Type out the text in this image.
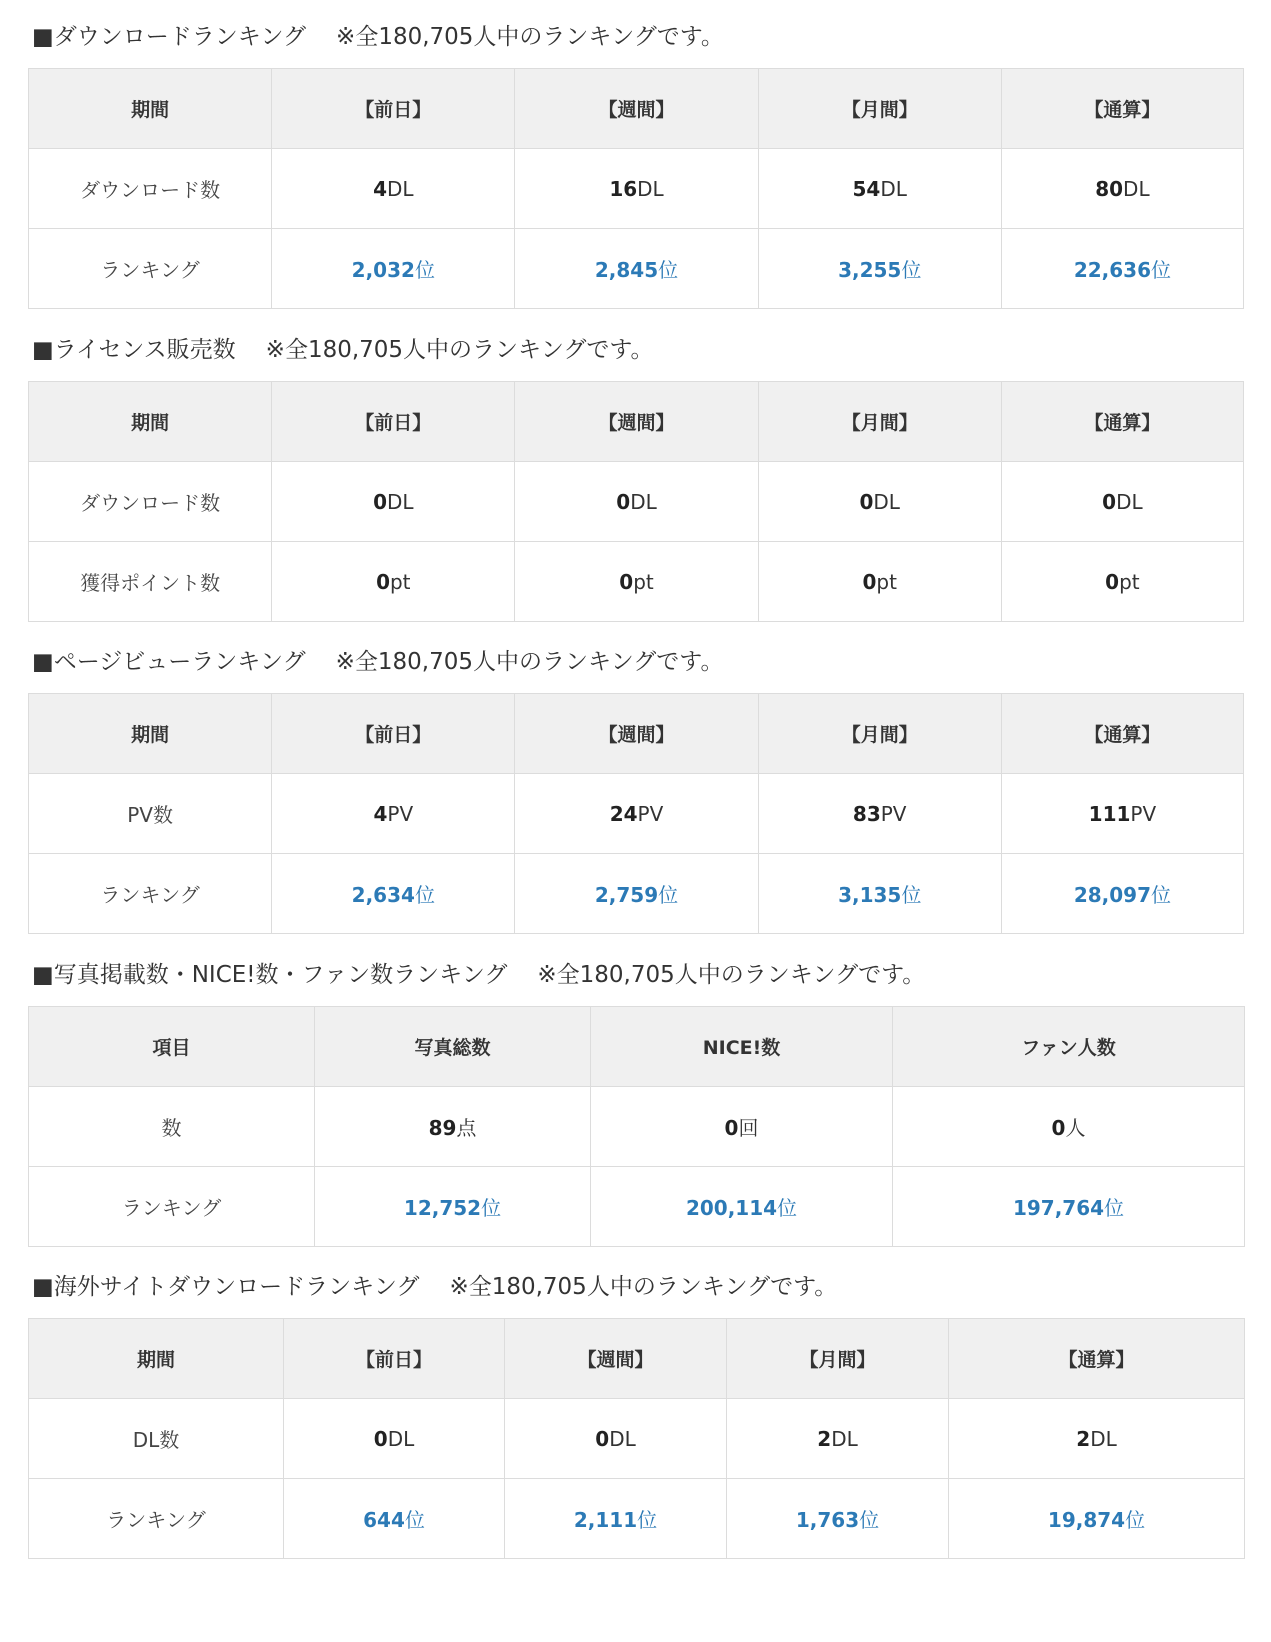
■ダウンロードランキング ※全180,705人中のランキングです。
期間	【前日】	【週間】	【月間】	【通算】
ダウンロード数	4DL	16DL	54DL	80DL
ランキング	2,032位	2,845位	3,255位	22,636位
■ライセンス販売数 ※全180,705人中のランキングです。
期間	【前日】	【週間】	【月間】	【通算】
ダウンロード数	0DL	0DL	0DL	0DL
獲得ポイント数	0pt	0pt	0pt	0pt
■ページビューランキング ※全180,705人中のランキングです。
期間	【前日】	【週間】	【月間】	【通算】
PV数	4PV	24PV	83PV	111PV
ランキング	2,634位	2,759位	3,135位	28,097位
■写真掲載数・NICE!数・ファン数ランキング ※全180,705人中のランキングです。
項目	写真総数	NICE!数	ファン人数
数	89点	0回	0人
ランキング	12,752位	200,114位	197,764位
■海外サイトダウンロードランキング ※全180,705人中のランキングです。
期間	【前日】	【週間】	【月間】	【通算】
DL数	0DL	0DL	2DL	2DL
ランキング	644位	2,111位	1,763位	19,874位
